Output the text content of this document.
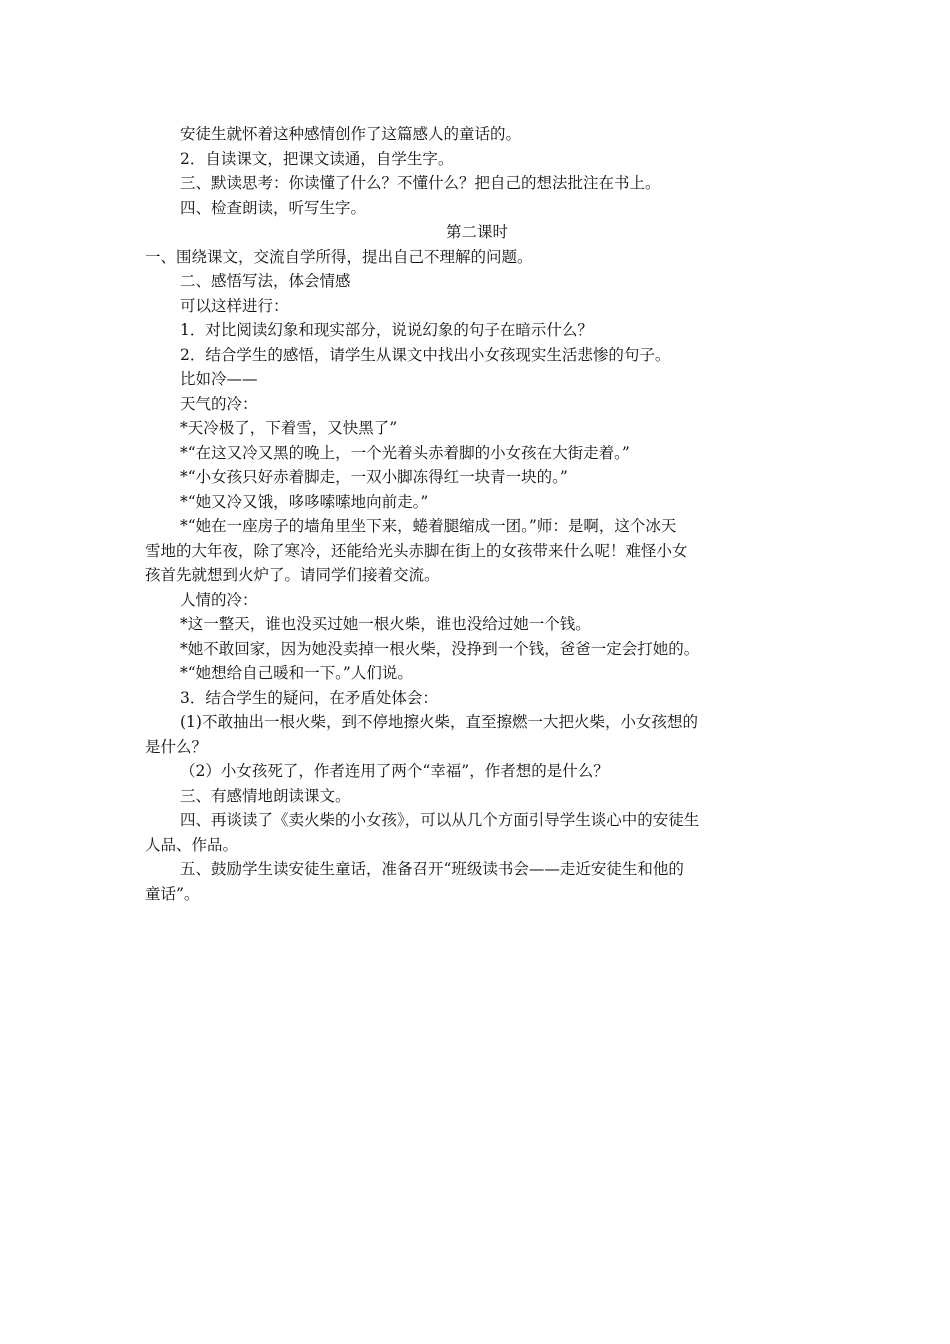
安徒生就怀着这种感情创作了这篇感人的童话的。
2．自读课文，把课文读通，自学生字。
三、默读思考：你读懂了什么？不懂什么？把自己的想法批注在书上。
四、检查朗读，听写生字。
第二课时
一、围绕课文，交流自学所得，提出自己不理解的问题。
二、感悟写法，体会情感
可以这样进行：
1．对比阅读幻象和现实部分，说说幻象的句子在暗示什么？
2．结合学生的感悟，请学生从课文中找出小女孩现实生活悲惨的句子。
比如冷——
天气的冷：
*天冷极了，下着雪，又快黑了”
*“在这又冷又黑的晚上，一个光着头赤着脚的小女孩在大街走着。”
*“小女孩只好赤着脚走，一双小脚冻得红一块青一块的。”
*“她又冷又饿，哆哆嗦嗦地向前走。”
*“她在一座房子的墙角里坐下来，蜷着腿缩成一团。”师：是啊，这个冰天
雪地的大年夜，除了寒冷，还能给光头赤脚在街上的女孩带来什么呢！难怪小女
孩首先就想到火炉了。请同学们接着交流。
人情的冷：
*这一整天，谁也没买过她一根火柴，谁也没给过她一个钱。
*她不敢回家，因为她没卖掉一根火柴，没挣到一个钱，爸爸一定会打她的。
*“她想给自己暖和一下。”人们说。
3．结合学生的疑问，在矛盾处体会：
(1)不敢抽出一根火柴，到不停地擦火柴，直至擦燃一大把火柴，小女孩想的
是什么？
（2）小女孩死了，作者连用了两个“幸福”，作者想的是什么？
三、有感情地朗读课文。
四、再谈读了《卖火柴的小女孩》，可以从几个方面引导学生谈心中的安徒生
人品、作品。
五、鼓励学生读安徒生童话，准备召开“班级读书会——走近安徒生和他的
童话”。
